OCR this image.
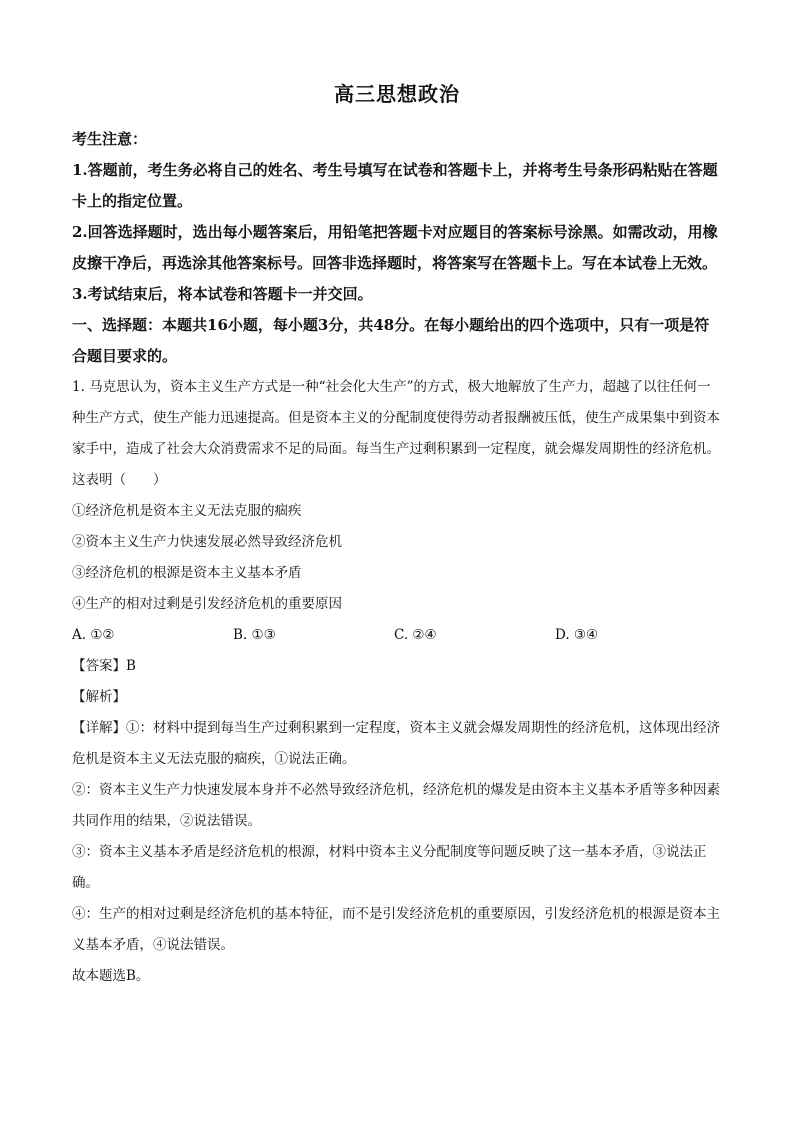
高三思想政治
考生注意：
1.答题前，考生务必将自己的姓名、考生号填写在试卷和答题卡上，并将考生号条形码粘贴在答题卡上的指定位置。
2.回答选择题时，选出每小题答案后，用铅笔把答题卡对应题目的答案标号涂黑。如需改动，用橡皮擦干净后，再选涂其他答案标号。回答非选择题时，将答案写在答题卡上。写在本试卷上无效。
3.考试结束后，将本试卷和答题卡一并交回。
一、选择题：本题共16小题，每小题3分，共48分。在每小题给出的四个选项中，只有一项是符合题目要求的。
1. 马克思认为，资本主义生产方式是一种“社会化大生产”的方式，极大地解放了生产力，超越了以往任何一种生产方式，使生产能力迅速提高。但是资本主义的分配制度使得劳动者报酬被压低，使生产成果集中到资本家手中，造成了社会大众消费需求不足的局面。每当生产过剩积累到一定程度，就会爆发周期性的经济危机。这表明（　　）
①经济危机是资本主义无法克服的痼疾
②资本主义生产力快速发展必然导致经济危机
③经济危机的根源是资本主义基本矛盾
④生产的相对过剩是引发经济危机的重要原因
A. ①②	B. ①③	C. ②④	D. ③④
【答案】B
【解析】
【详解】①：材料中提到每当生产过剩积累到一定程度，资本主义就会爆发周期性的经济危机，这体现出经济危机是资本主义无法克服的痼疾，①说法正确。
②：资本主义生产力快速发展本身并不必然导致经济危机，经济危机的爆发是由资本主义基本矛盾等多种因素共同作用的结果，②说法错误。
③：资本主义基本矛盾是经济危机的根源，材料中资本主义分配制度等问题反映了这一基本矛盾，③说法正确。
④：生产的相对过剩是经济危机的基本特征，而不是引发经济危机的重要原因，引发经济危机的根源是资本主义基本矛盾，④说法错误。
故本题选B。
